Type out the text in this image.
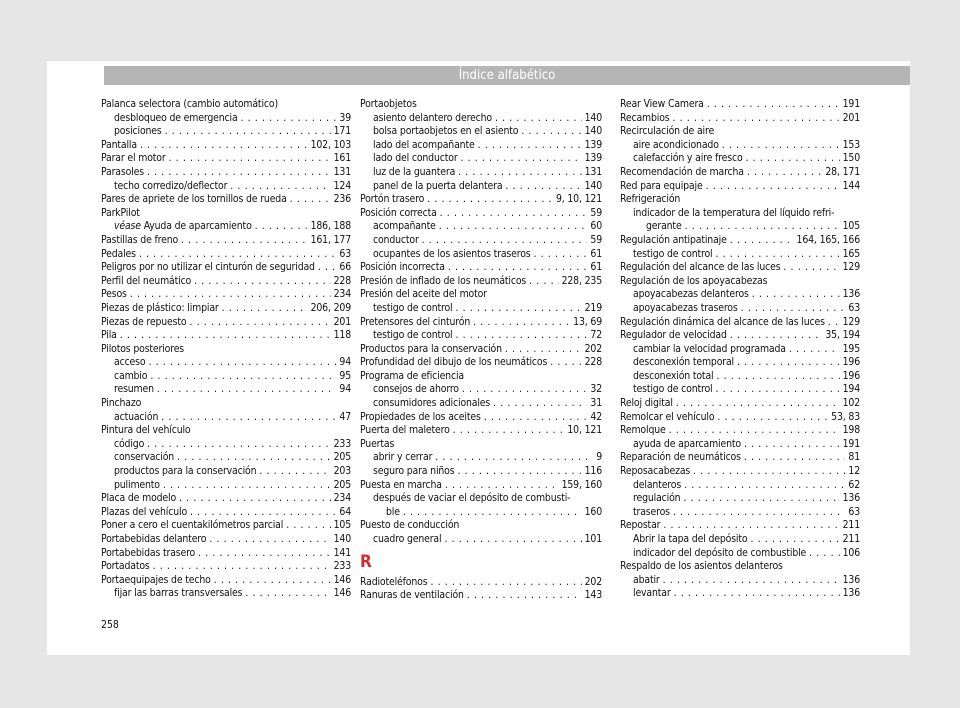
Índice alfabético
Palanca selectora (cambio automático)
desbloqueo de emergencia . . .	39
posiciones . . .	171
Pantalla . . .	102, 103
Parar el motor . . .	161
Parasoles . . .	131
techo corredizo/deflector . . .	124
Pares de apriete de los tornillos de rueda . . .	236
ParkPilot
véase Ayuda de aparcamiento . . .	186, 188
Pastillas de freno . . .	161, 177
Pedales . . .	63
Peligros por no utilizar el cinturón de seguridad . . . 66
Perfil del neumático . . .	228
Pesos . . .	234
Piezas de plástico: limpiar . . .	206, 209
Piezas de repuesto . . .	201
Pila . . .	118
Pilotos posteriores
acceso . . .	94
cambio . . .	95
resumen . . .	94
Pinchazo
actuación . . .	47
Pintura del vehículo
código . . .	233
conservación . . .	205
productos para la conservación . . .	203
pulimento . . .	205
Placa de modelo . . .	234
Plazas del vehículo . . .	64
Poner a cero el cuentakilómetros parcial . . .	105
Portabebidas delantero . . .	140
Portabebidas trasero . . .	141
Portadatos . . .	233
Portaequipajes de techo . . .	146
fijar las barras transversales . . .	146
Portaobjetos
asiento delantero derecho . . .	140
bolsa portaobjetos en el asiento . . .	140
lado del acompañante . . .	139
lado del conductor . . .	139
luz de la guantera . . .	131
panel de la puerta delantera . . .	140
Portón trasero . . .	9, 10, 121
Posición correcta . . .	59
acompañante . . .	60
conductor . . .	59
ocupantes de los asientos traseros . . .	61
Posición incorrecta . . .	61
Presión de inflado de los neumáticos . . .	228, 235
Presión del aceite del motor
testigo de control . . .	219
Pretensores del cinturón . . .	13, 69
testigo de control . . .	72
Productos para la conservación . . .	202
Profundidad del dibujo de los neumáticos . . .	228
Programa de eficiencia
consejos de ahorro . . .	32
consumidores adicionales . . .	31
Propiedades de los aceites . . .	42
Puerta del maletero . . .	10, 121
Puertas
abrir y cerrar . . .	9
seguro para niños . . .	116
Puesta en marcha . . .	159, 160
después de vaciar el depósito de combusti-
ble . . .	160
Puesto de conducción
cuadro general . . .	101
R
Radioteléfonos . . .	202
Ranuras de ventilación . . .	143
Rear View Camera . . .	191
Recambios . . .	201
Recirculación de aire
aire acondicionado . . .	153
calefacción y aire fresco . . .	150
Recomendación de marcha . . .	28, 171
Red para equipaje . . .	144
Refrigeración
indicador de la temperatura del líquido refri-
gerante . . .	105
Regulación antipatinaje . . .	164, 165, 166
testigo de control . . .	165
Regulación del alcance de las luces . . .	129
Regulación de los apoyacabezas
apoyacabezas delanteros . . .	136
apoyacabezas traseros . . .	63
Regulación dinámica del alcance de las luces . . . 129
Regulador de velocidad . . .	35, 194
cambiar la velocidad programada . . .	195
desconexión temporal . . .	196
desconexión total . . .	196
testigo de control . . .	194
Reloj digital . . .	102
Remolcar el vehículo . . .	53, 83
Remolque . . .	198
ayuda de aparcamiento . . .	191
Reparación de neumáticos . . .	81
Reposacabezas . . .	12
delanteros . . .	62
regulación . . .	136
traseros . . .	63
Repostar . . .	211
Abrir la tapa del depósito . . .	211
indicador del depósito de combustible . . .	106
Respaldo de los asientos delanteros
abatir . . .	136
levantar . . .	136
258
